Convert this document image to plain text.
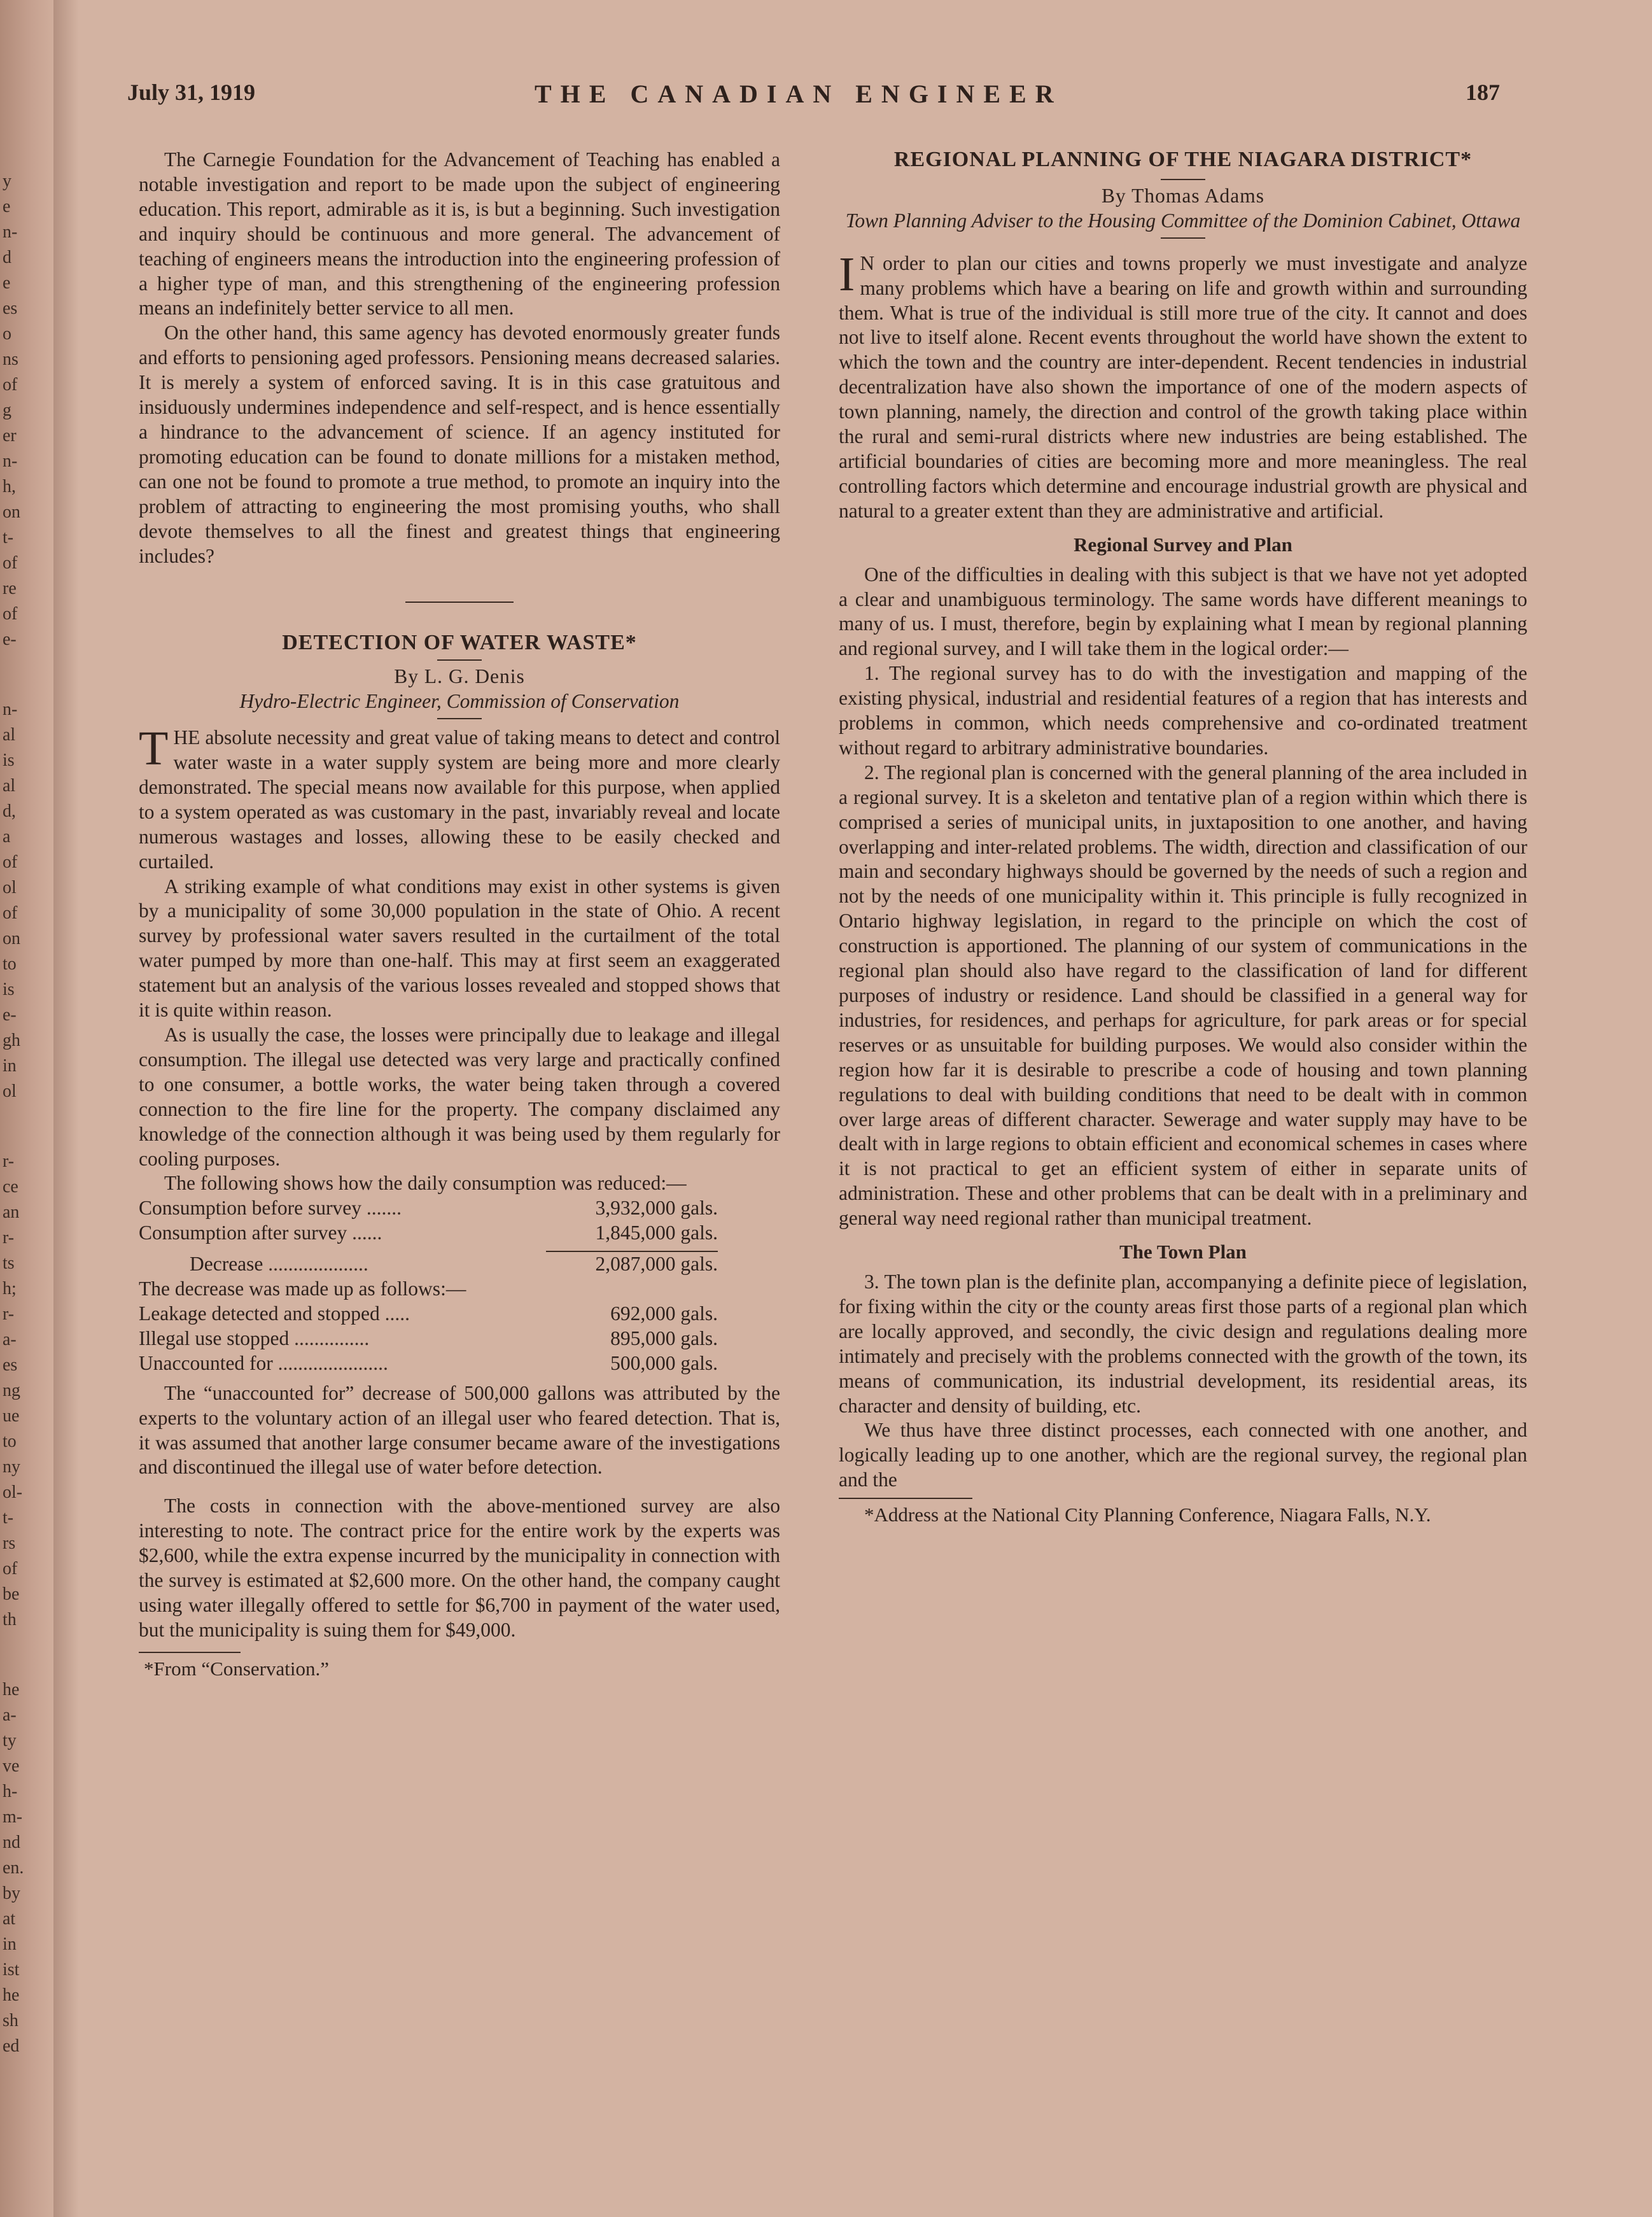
y
e
n-
d
e
es
o
ns
of
g
er
n-
h,
on
t-
of
re
of
e-
n-
al
is
al
d,
a
of
ol
of
on
to
is
e-
gh
in
ol
r-
ce
an
r-
ts
h;
r-
a-
es
ng
ue
to
ny
ol-
t-
rs
of
be
th
he
a-
ty
ve
h-
m-
nd
en.
by
at
in
ist
he
sh
ed
July 31, 1919	THE CANADIAN ENGINEER	187

The Carnegie Foundation for the Advancement of Teaching has enabled a notable investigation and report to be made upon the subject of engineering education. This report, admirable as it is, is but a beginning. Such investigation and inquiry should be continuous and more general. The advancement of teaching of engineers means the introduction into the engineering profession of a higher type of man, and this strengthening of the engineering profession means an indefinitely better service to all men.

On the other hand, this same agency has devoted enormously greater funds and efforts to pensioning aged professors. Pensioning means decreased salaries. It is merely a system of enforced saving. It is in this case gratuitous and insiduously undermines independence and self-respect, and is hence essentially a hindrance to the advancement of science. If an agency instituted for promoting education can be found to donate millions for a mistaken method, can one not be found to promote a true method, to promote an inquiry into the problem of attracting to engineering the most promising youths, who shall devote themselves to all the finest and greatest things that engineering includes?

DETECTION OF WATER WASTE*

By L. G. Denis

Hydro-Electric Engineer, Commission of Conservation

THE absolute necessity and great value of taking means to detect and control water waste in a water supply system are being more and more clearly demonstrated. The special means now available for this purpose, when applied to a system operated as was customary in the past, invariably reveal and locate numerous wastages and losses, allowing these to be easily checked and curtailed.

A striking example of what conditions may exist in other systems is given by a municipality of some 30,000 population in the state of Ohio. A recent survey by professional water savers resulted in the curtailment of the total water pumped by more than one-half. This may at first seem an exaggerated statement but an analysis of the various losses revealed and stopped shows that it is quite within reason.

As is usually the case, the losses were principally due to leakage and illegal consumption. The illegal use detected was very large and practically confined to one consumer, a bottle works, the water being taken through a covered connection to the fire line for the property. The company disclaimed any knowledge of the connection although it was being used by them regularly for cooling purposes.

The following shows how the daily consumption was reduced:—

Consumption before survey .......	3,932,000 gals.
Consumption after survey ......	1,845,000 gals.

Decrease ....................	2,087,000 gals.
The decrease was made up as follows:—	
Leakage detected and stopped .....	692,000 gals.
Illegal use stopped ...............	895,000 gals.
Unaccounted for ......................	500,000 gals.

The “unaccounted for” decrease of 500,000 gallons was attributed by the experts to the voluntary action of an illegal user who feared detection. That is, it was assumed that another large consumer became aware of the investigations and discontinued the illegal use of water before detection.

The costs in connection with the above-mentioned survey are also interesting to note. The contract price for the entire work by the experts was $2,600, while the extra expense incurred by the municipality in connection with the survey is estimated at $2,600 more. On the other hand, the company caught using water illegally offered to settle for $6,700 in payment of the water used, but the municipality is suing them for $49,000.

*From “Conservation.”

REGIONAL PLANNING OF THE NIAGARA DISTRICT*

By Thomas Adams

Town Planning Adviser to the Housing Committee of the Dominion Cabinet, Ottawa

I N order to plan our cities and towns properly we must investigate and analyze many problems which have a bearing on life and growth within and surrounding them. What is true of the individual is still more true of the city. It cannot and does not live to itself alone. Recent events throughout the world have shown the extent to which the town and the country are inter-dependent. Recent tendencies in industrial decentralization have also shown the importance of one of the modern aspects of town planning, namely, the direction and control of the growth taking place within the rural and semi-rural districts where new industries are being established. The artificial boundaries of cities are becoming more and more meaningless. The real controlling factors which determine and encourage industrial growth are physical and natural to a greater extent than they are administrative and artificial.

Regional Survey and Plan

One of the difficulties in dealing with this subject is that we have not yet adopted a clear and unambiguous terminology. The same words have different meanings to many of us. I must, therefore, begin by explaining what I mean by regional planning and regional survey, and I will take them in the logical order:—

1. The regional survey has to do with the investigation and mapping of the existing physical, industrial and residential features of a region that has interests and problems in common, which needs comprehensive and co-ordinated treatment without regard to arbitrary administrative boundaries.

2. The regional plan is concerned with the general planning of the area included in a regional survey. It is a skeleton and tentative plan of a region within which there is comprised a series of municipal units, in juxtaposition to one another, and having overlapping and inter-related problems. The width, direction and classification of our main and secondary highways should be governed by the needs of such a region and not by the needs of one municipality within it. This principle is fully recognized in Ontario highway legislation, in regard to the principle on which the cost of construction is apportioned. The planning of our system of communications in the regional plan should also have regard to the classification of land for different purposes of industry or residence. Land should be classified in a general way for industries, for residences, and perhaps for agriculture, for park areas or for special reserves or as unsuitable for building purposes. We would also consider within the region how far it is desirable to prescribe a code of housing and town planning regulations to deal with building conditions that need to be dealt with in common over large areas of different character. Sewerage and water supply may have to be dealt with in large regions to obtain efficient and economical schemes in cases where it is not practical to get an efficient system of either in separate units of administration. These and other problems that can be dealt with in a preliminary and general way need regional rather than municipal treatment.

The Town Plan

3. The town plan is the definite plan, accompanying a definite piece of legislation, for fixing within the city or the county areas first those parts of a regional plan which are locally approved, and secondly, the civic design and regulations dealing more intimately and precisely with the problems connected with the growth of the town, its means of communication, its industrial development, its residential areas, its character and density of building, etc.

We thus have three distinct processes, each connected with one another, and logically leading up to one another, which are the regional survey, the regional plan and the

*Address at the National City Planning Conference, Niagara Falls, N.Y.
